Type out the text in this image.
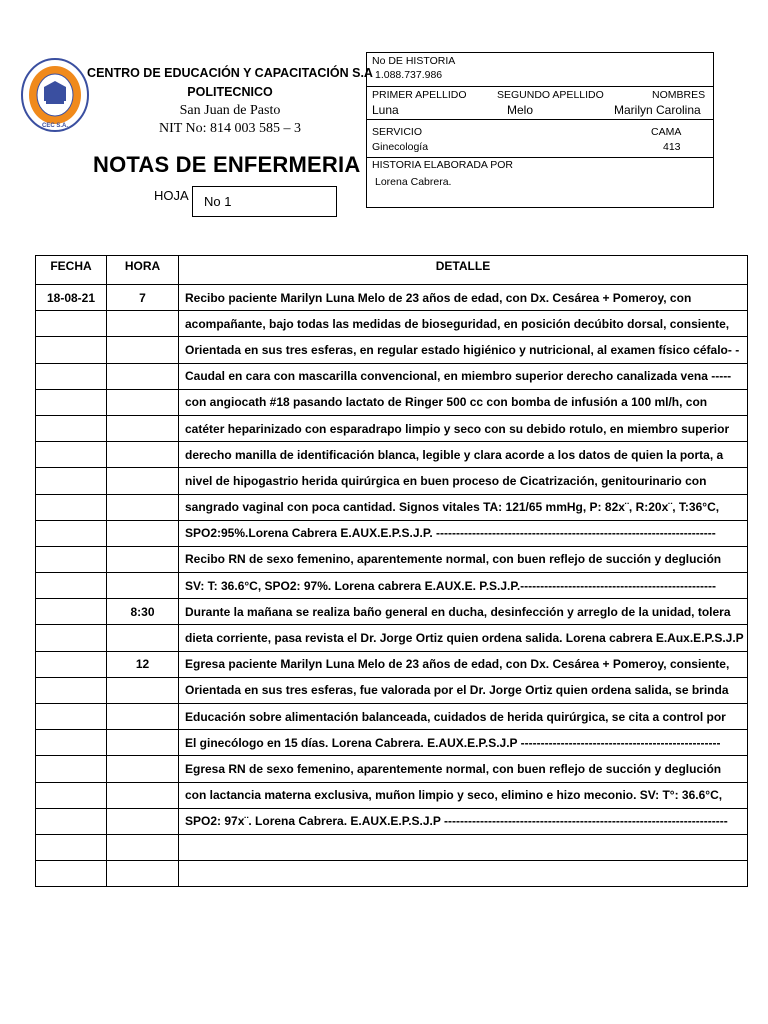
CEC S.A.
CENTRO DE EDUCACIÓN Y CAPACITACIÓN S.A
POLITECNICO
San Juan de Pasto
NIT No: 814 003 585 – 3
NOTAS DE ENFERMERIA
HOJA No 1
No DE HISTORIA
1.088.737.986
PRIMER APELLIDO
Luna
SEGUNDO APELLIDO
Melo
NOMBRES
Marilyn Carolina
SERVICIO
Ginecología
CAMA
413
HISTORIA ELABORADA POR
Lorena Cabrera.
FECHA	HORA	DETALLE
18-08-21	7	Recibo paciente Marilyn Luna Melo de 23 años de edad, con Dx. Cesárea + Pomeroy, con
		acompañante, bajo todas las medidas de bioseguridad, en posición decúbito dorsal, consiente,
		Orientada en sus tres esferas, en regular estado higiénico y nutricional, al examen físico céfalo- -
		Caudal en cara con mascarilla convencional, en miembro superior derecho canalizada vena -----
		con angiocath #18 pasando lactato de Ringer 500 cc con bomba de infusión a 100 ml/h, con
		catéter heparinizado con esparadrapo limpio y seco con su debido rotulo, en miembro superior
		derecho manilla de identificación blanca, legible y clara acorde a los datos de quien la porta, a
		nivel de hipogastrio herida quirúrgica en buen proceso de Cicatrización, genitourinario con
		sangrado vaginal con poca cantidad. Signos vitales TA: 121/65 mmHg, P: 82x¨, R:20x¨, T:36°C,
		SPO2:95%.Lorena Cabrera E.AUX.E.P.S.J.P. ----------------------------------------------------------------------
		Recibo RN de sexo femenino, aparentemente normal, con buen reflejo de succión y deglución
		SV: T: 36.6°C, SPO2: 97%. Lorena cabrera E.AUX.E. P.S.J.P.-------------------------------------------------
	8:30	Durante la mañana se realiza baño general en ducha, desinfección y arreglo de la unidad, tolera
		dieta corriente, pasa revista el Dr. Jorge Ortiz quien ordena salida. Lorena cabrera E.Aux.E.P.S.J.P
	12	Egresa paciente Marilyn Luna Melo de 23 años de edad, con Dx. Cesárea + Pomeroy, consiente,
		Orientada en sus tres esferas, fue valorada por el Dr. Jorge Ortiz quien ordena salida, se brinda
		Educación sobre alimentación balanceada, cuidados de herida quirúrgica, se cita a control por
		El ginecólogo en 15 días. Lorena Cabrera. E.AUX.E.P.S.J.P --------------------------------------------------
		Egresa RN de sexo femenino, aparentemente normal, con buen reflejo de succión y deglución
		con lactancia materna exclusiva, muñon limpio y seco, elimino e hizo meconio. SV: T°: 36.6°C,
		SPO2: 97x¨. Lorena Cabrera. E.AUX.E.P.S.J.P -----------------------------------------------------------------------
